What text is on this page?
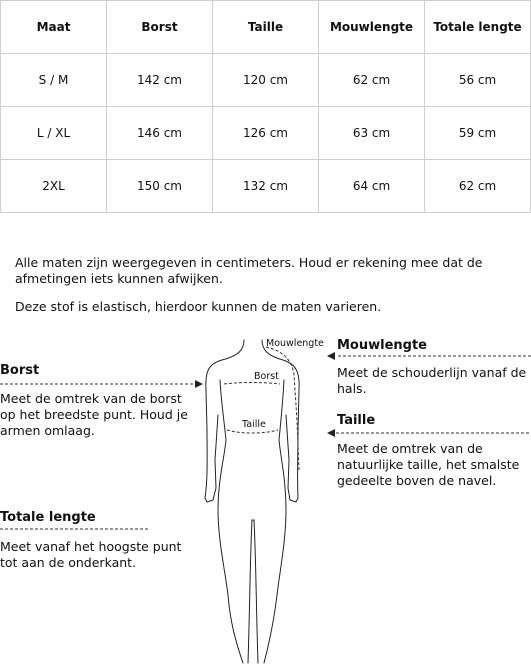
Maat	Borst	Taille	Mouwlengte	Totale lengte
S / M	142 cm	120 cm	62 cm	56 cm
L / XL	146 cm	126 cm	63 cm	59 cm
2XL	150 cm	132 cm	64 cm	62 cm
Alle maten zijn weergegeven in centimeters. Houd er rekening mee dat de afmetingen iets kunnen afwijken.
Deze stof is elastisch, hierdoor kunnen de maten varieren.
Mouwlengte
Borst
Taille
Borst
Meet de omtrek van de borst op het breedste punt. Houd je armen omlaag.
Totale lengte
Meet vanaf het hoogste punt tot aan de onderkant.
Mouwlengte
Meet de schouderlijn vanaf de hals.
Taille
Meet de omtrek van de natuurlijke taille, het smalste gedeelte boven de navel.
